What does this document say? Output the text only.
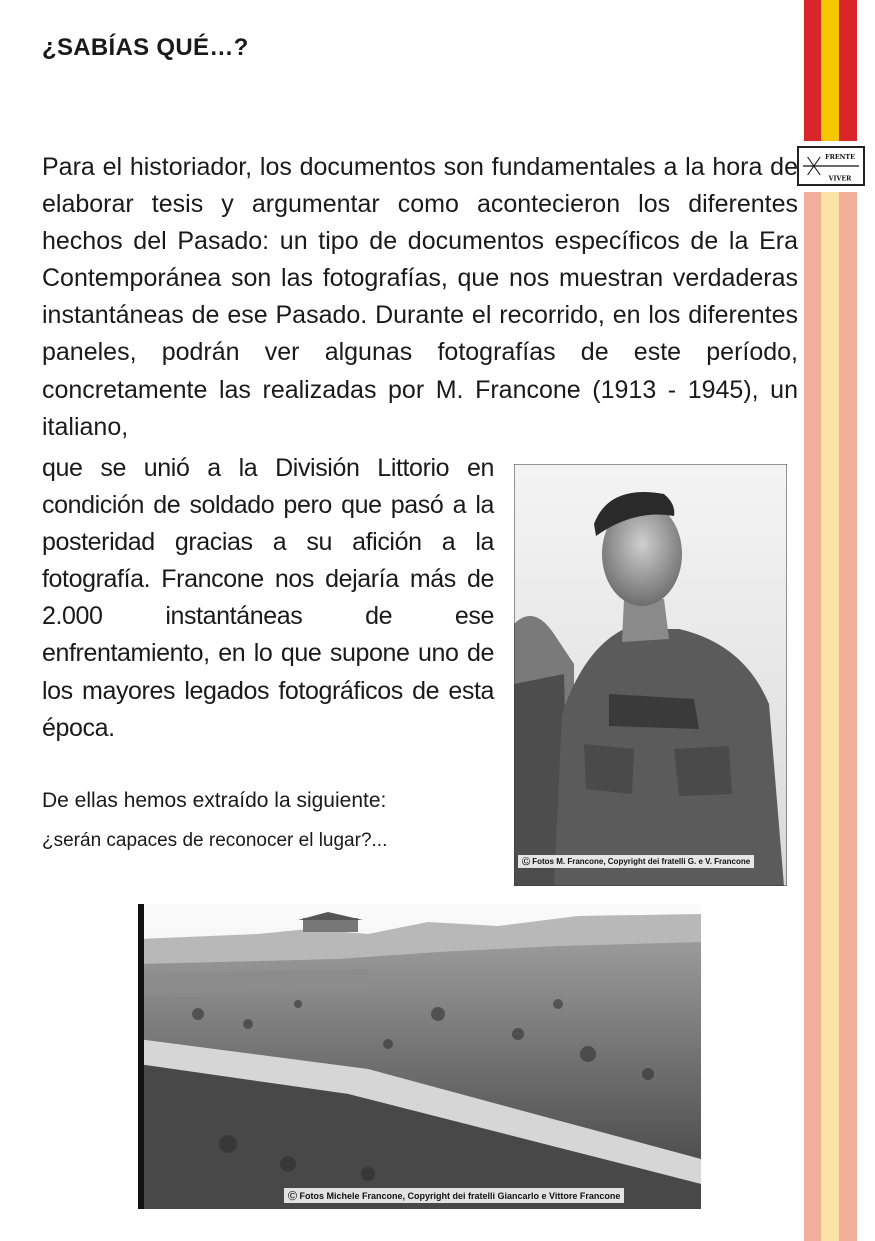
FRENTE
VIVER
¿SABÍAS QUÉ…?

Para el historiador, los documentos son fundamentales a la hora de elaborar tesis y argumentar como acontecieron los diferentes hechos del Pasado: un tipo de documentos específicos de la Era Contemporánea son las fotografías, que nos muestran verdaderas instantáneas de ese Pasado. Durante el recorrido, en los diferentes paneles, podrán ver algunas fotografías de este período, concretamente las realizadas por M. Francone (1913 - 1945), un italiano,

que se unió a la División Littorio en condición de soldado pero que pasó a la posteridad gracias a su afición a la fotografía. Francone nos dejaría más de 2.000 instantáneas de ese enfrentamiento, en lo que supone uno de los mayores legados fotográficos de esta época.

De ellas hemos extraído la siguiente:

¿serán capaces de reconocer el lugar?...

Ⓒ Fotos M. Francone, Copyright dei fratelli G. e V. Francone
Ⓒ Fotos Michele Francone, Copyright dei fratelli Giancarlo e Vittore Francone
